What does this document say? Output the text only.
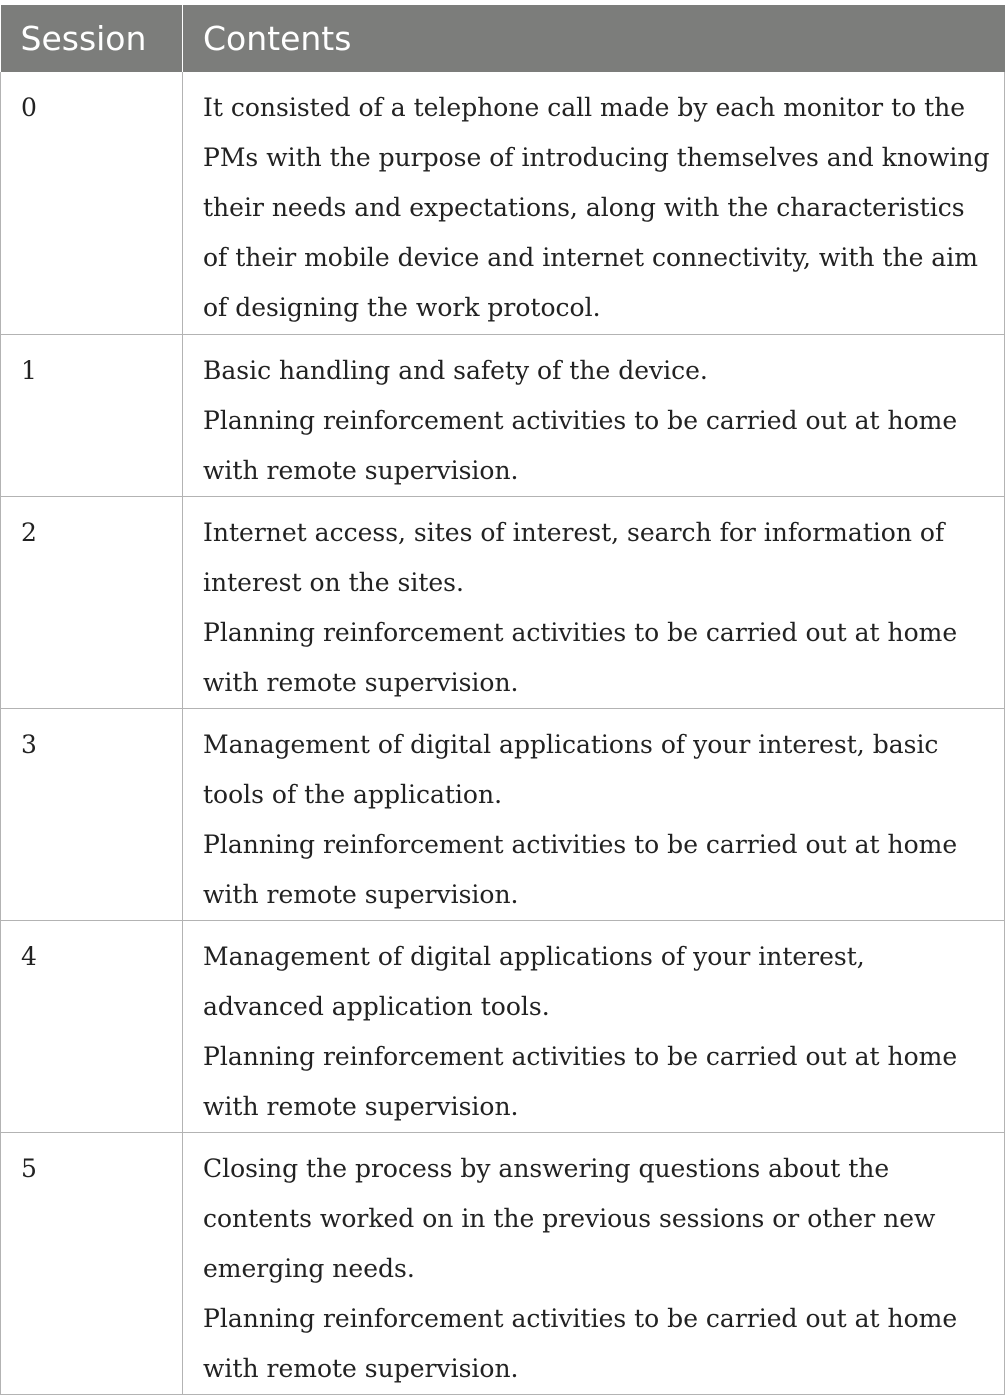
Session	Contents
0	It consisted of a telephone call made by each monitor to the PMs with the purpose of introducing themselves and knowing their needs and expectations, along with the characteristics of their mobile device and internet connectivity, with the aim of designing the work protocol.

1	Basic handling and safety of the device.
Planning reinforcement activities to be carried out at home with remote supervision.

2	Internet access, sites of interest, search for information of interest on the sites.
Planning reinforcement activities to be carried out at home with remote supervision.

3	Management of digital applications of your interest, basic tools of the application.
Planning reinforcement activities to be carried out at home with remote supervision.

4	Management of digital applications of your interest, advanced application tools.
Planning reinforcement activities to be carried out at home with remote supervision.

5	Closing the process by answering questions about the contents worked on in the previous sessions or other new emerging needs.
Planning reinforcement activities to be carried out at home with remote supervision.
